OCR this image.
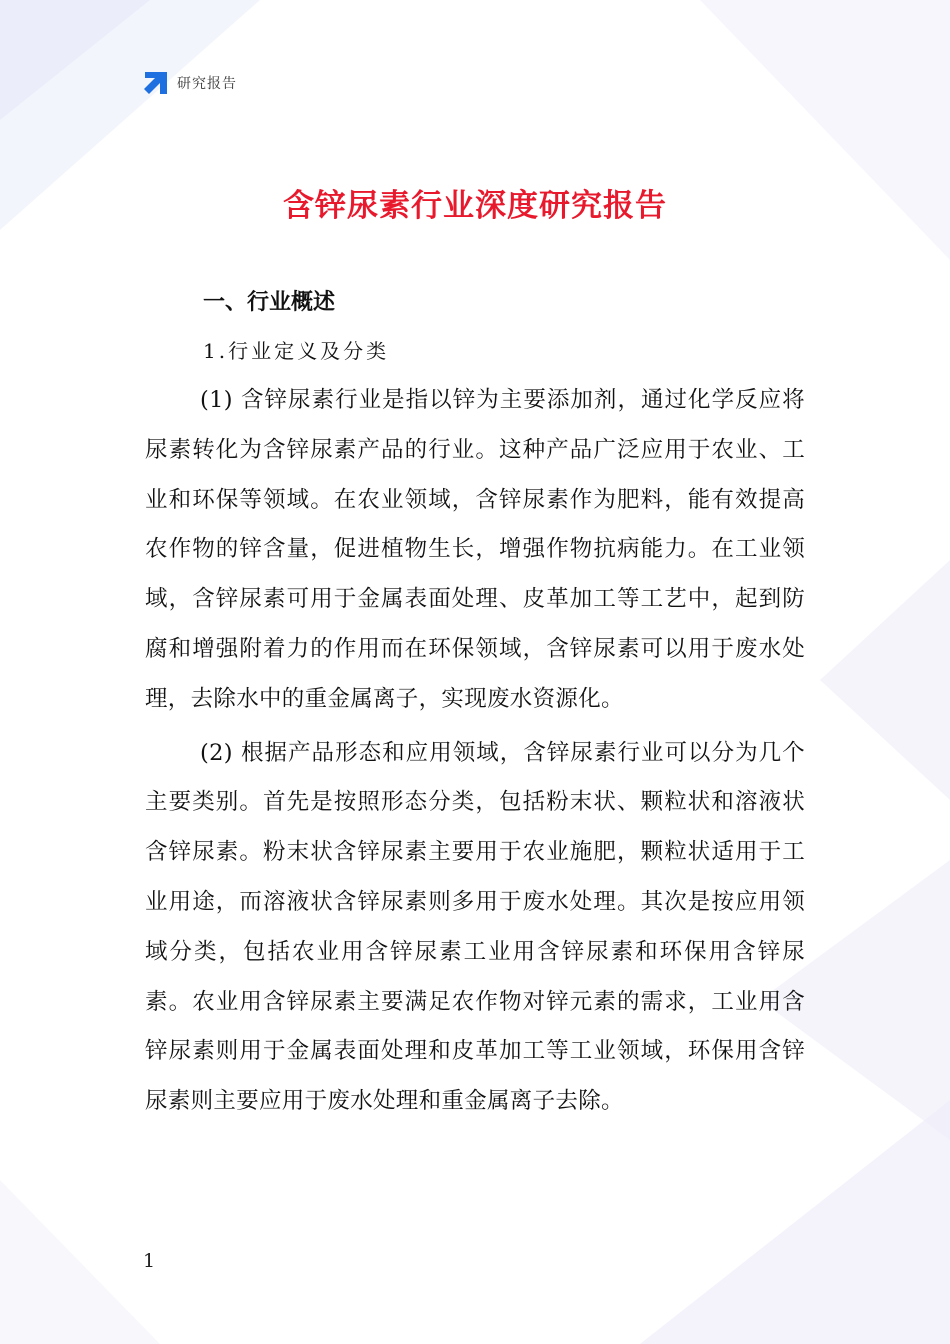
研究报告
含锌尿素行业深度研究报告
一、行业概述
1.行业定义及分类

(1) 含锌尿素行业是指以锌为主要添加剂，通过化学反应将尿素转化为含锌尿素产品的行业。这种产品广泛应用于农业、工业和环保等领域。在农业领域，含锌尿素作为肥料，能有效提高农作物的锌含量，促进植物生长，增强作物抗病能力。在工业领域，含锌尿素可用于金属表面处理、皮革加工等工艺中，起到防腐和增强附着力的作用而在环保领域，含锌尿素可以用于废水处理，去除水中的重金属离子，实现废水资源化。

(2) 根据产品形态和应用领域，含锌尿素行业可以分为几个主要类别。首先是按照形态分类，包括粉末状、颗粒状和溶液状含锌尿素。粉末状含锌尿素主要用于农业施肥，颗粒状适用于工业用途，而溶液状含锌尿素则多用于废水处理。其次是按应用领域分类，包括农业用含锌尿素工业用含锌尿素和环保用含锌尿素。农业用含锌尿素主要满足农作物对锌元素的需求，工业用含锌尿素则用于金属表面处理和皮革加工等工业领域，环保用含锌尿素则主要应用于废水处理和重金属离子去除。

1
